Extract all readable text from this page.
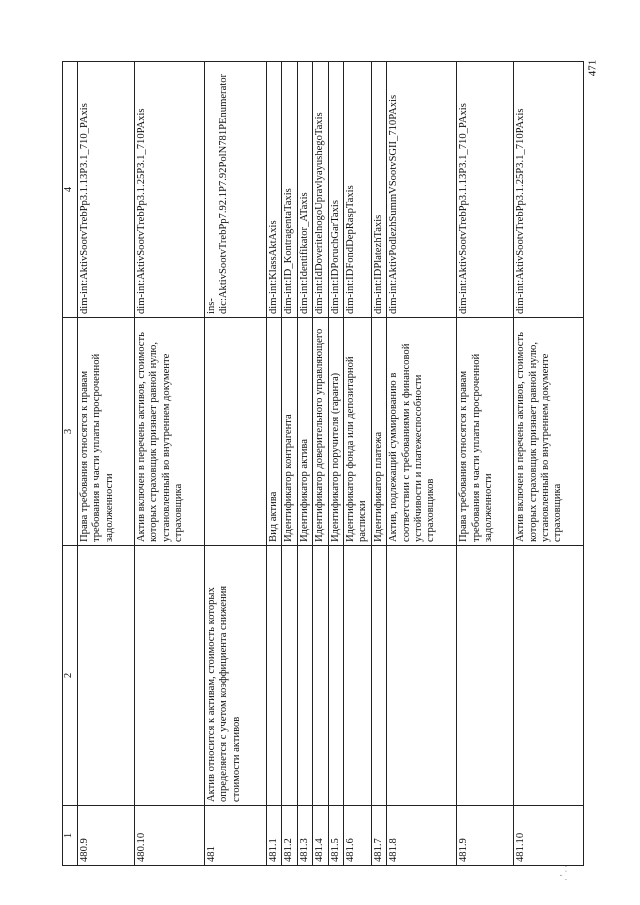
471
. ' . .
1	2	3	4
480.9		Права требования относятся к правам требования в части уплаты просроченной задолженности	dim-int:AktivSootvTrebPp3.1.13P3.1_710_PAxis
480.10		Актив включен в перечень активов, стоимость которых страховщик признает равной нулю, установленный во внутреннем документе страховщика	dim-int:AktivSootvTrebPp3.1.25P3.1_710PAxis
481	Актив относится к активам, стоимость которых определяется с учетом коэффициента снижения стоимости активов		ins-dic:AktivSootvTrebPp7.92.1P7.92PolN781PEnumerator
481.1		Вид актива	dim-int:KlassAktAxis
481.2		Идентификатор контрагента	dim-int:ID_KontragentaTaxis
481.3		Идентификатор актива	dim-int:Identifikator_ATaxis
481.4		Идентификатор доверительного управляющего	dim-int:IdDoveritelnogoUpravlyayushegoTaxis
481.5		Идентификатор поручителя (гаранта)	dim-int:IDPoruchGarTaxis
481.6		Идентификатор фонда или депозитарной расписки	dim-int:IDFondDepRaspTaxis
481.7		Идентификатор платежа	dim-int:IDPlatezhTaxis
481.8		Актив, подлежащий суммированию в соответствии с требованиями к финансовой устойчивости и платежеспособности страховщиков	dim-int:AktivPodlezhSummVSootvSGII_710PAxis
481.9		Права требования относятся к правам требования в части уплаты просроченной задолженности	dim-int:AktivSootvTrebPp3.1.13P3.1_710_PAxis
481.10		Актив включен в перечень активов, стоимость которых страховщик признает равной нулю, установленный во внутреннем документе страховщика	dim-int:AktivSootvTrebPp3.1.25P3.1_710PAxis
